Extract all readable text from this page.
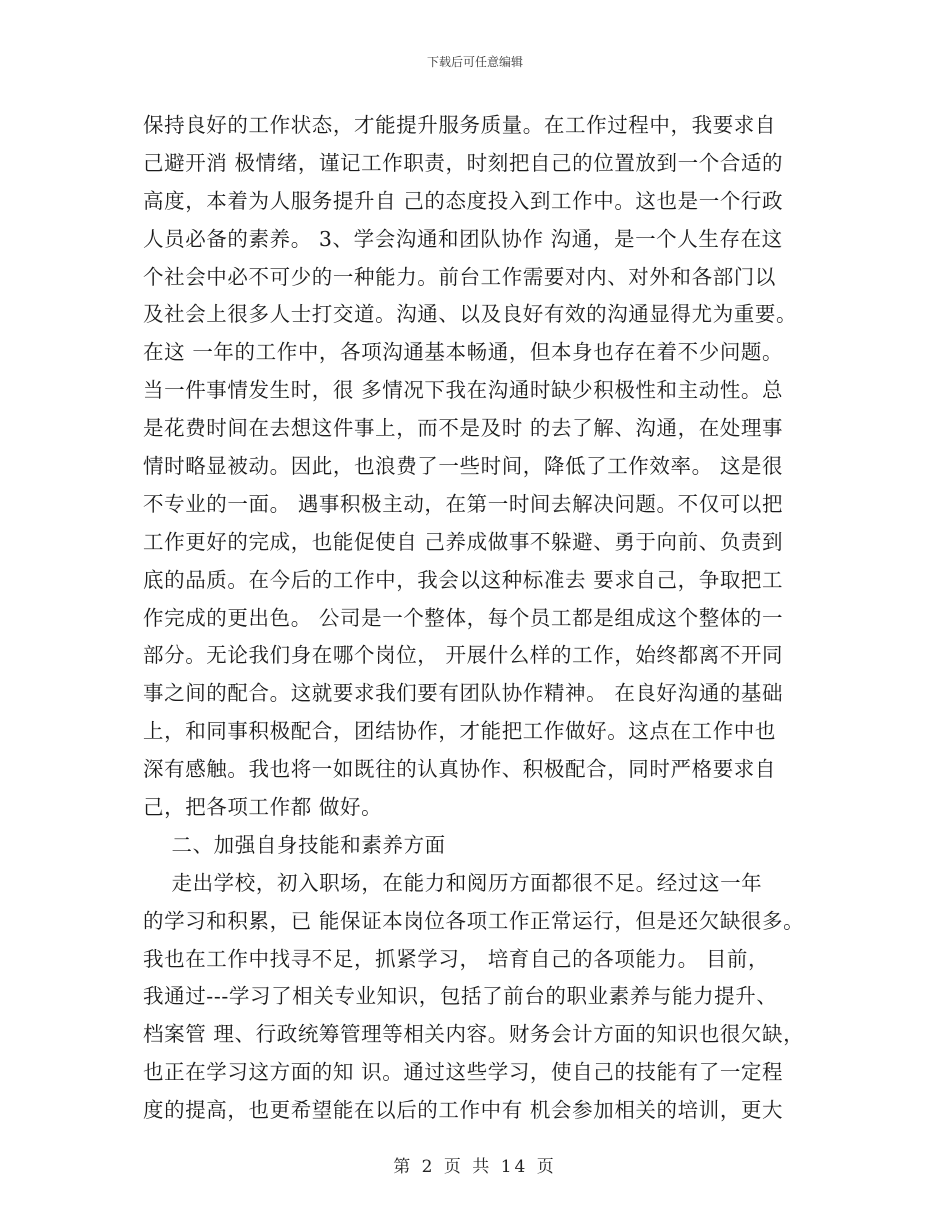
下载后可任意编辑
保持良好的工作状态，才能提升服务质量。在工作过程中，我要求自
己避开消 极情绪，谨记工作职责，时刻把自己的位置放到一个合适的
高度，本着为人服务提升自 己的态度投入到工作中。这也是一个行政
人员必备的素养。 3、学会沟通和团队协作 沟通，是一个人生存在这
个社会中必不可少的一种能力。前台工作需要对内、对外和各部门以
及社会上很多人士打交道。沟通、以及良好有效的沟通显得尤为重要。
在这 一年的工作中，各项沟通基本畅通，但本身也存在着不少问题。
当一件事情发生时，很 多情况下我在沟通时缺少积极性和主动性。总
是花费时间在去想这件事上，而不是及时 的去了解、沟通，在处理事
情时略显被动。因此，也浪费了一些时间，降低了工作效率。 这是很
不专业的一面。 遇事积极主动，在第一时间去解决问题。不仅可以把
工作更好的完成，也能促使自 己养成做事不躲避、勇于向前、负责到
底的品质。在今后的工作中，我会以这种标准去 要求自己，争取把工
作完成的更出色。 公司是一个整体，每个员工都是组成这个整体的一
部分。无论我们身在哪个岗位， 开展什么样的工作，始终都离不开同
事之间的配合。这就要求我们要有团队协作精神。 在良好沟通的基础
上，和同事积极配合，团结协作，才能把工作做好。这点在工作中也
深有感触。我也将一如既往的认真协作、积极配合，同时严格要求自
己，把各项工作都 做好。
二、加强自身技能和素养方面
走出学校，初入职场，在能力和阅历方面都很不足。经过这一年
的学习和积累，已 能保证本岗位各项工作正常运行，但是还欠缺很多。
我也在工作中找寻不足，抓紧学习， 培育自己的各项能力。 目前，
我通过---学习了相关专业知识，包括了前台的职业素养与能力提升、
档案管 理、行政统筹管理等相关内容。财务会计方面的知识也很欠缺，
也正在学习这方面的知 识。通过这些学习，使自己的技能有了一定程
度的提高，也更希望能在以后的工作中有 机会参加相关的培训，更大
第 2 页 共 14 页
